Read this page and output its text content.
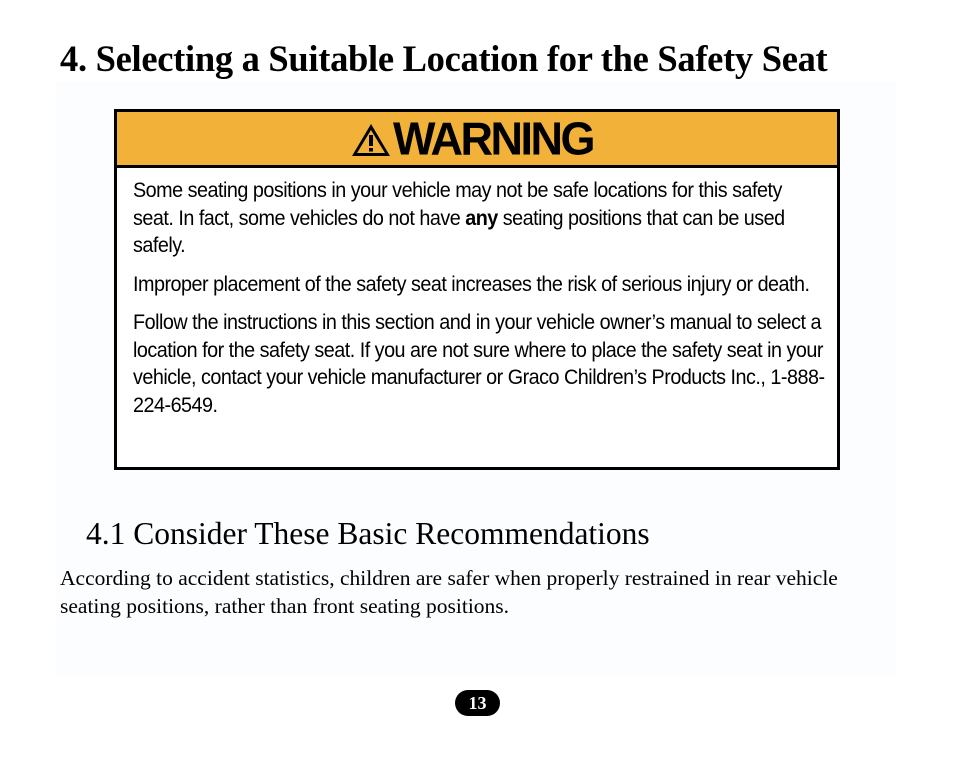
4. Selecting a Suitable Location for the Safety Seat
WARNING

Some seating positions in your vehicle may not be safe locations for this safety seat. In fact, some vehicles do not have any seating positions that can be used safely.

Improper placement of the safety seat increases the risk of serious injury or death.

Follow the instructions in this section and in your vehicle owner’s manual to select a location for the safety seat. If you are not sure where to place the safety seat in your vehicle, contact your vehicle manufacturer or Graco Children’s Products Inc., 1-888-224-6549.

4.1 Consider These Basic Recommendations

According to accident statistics, children are safer when properly restrained in rear vehicle seating positions, rather than front seating positions.

13
